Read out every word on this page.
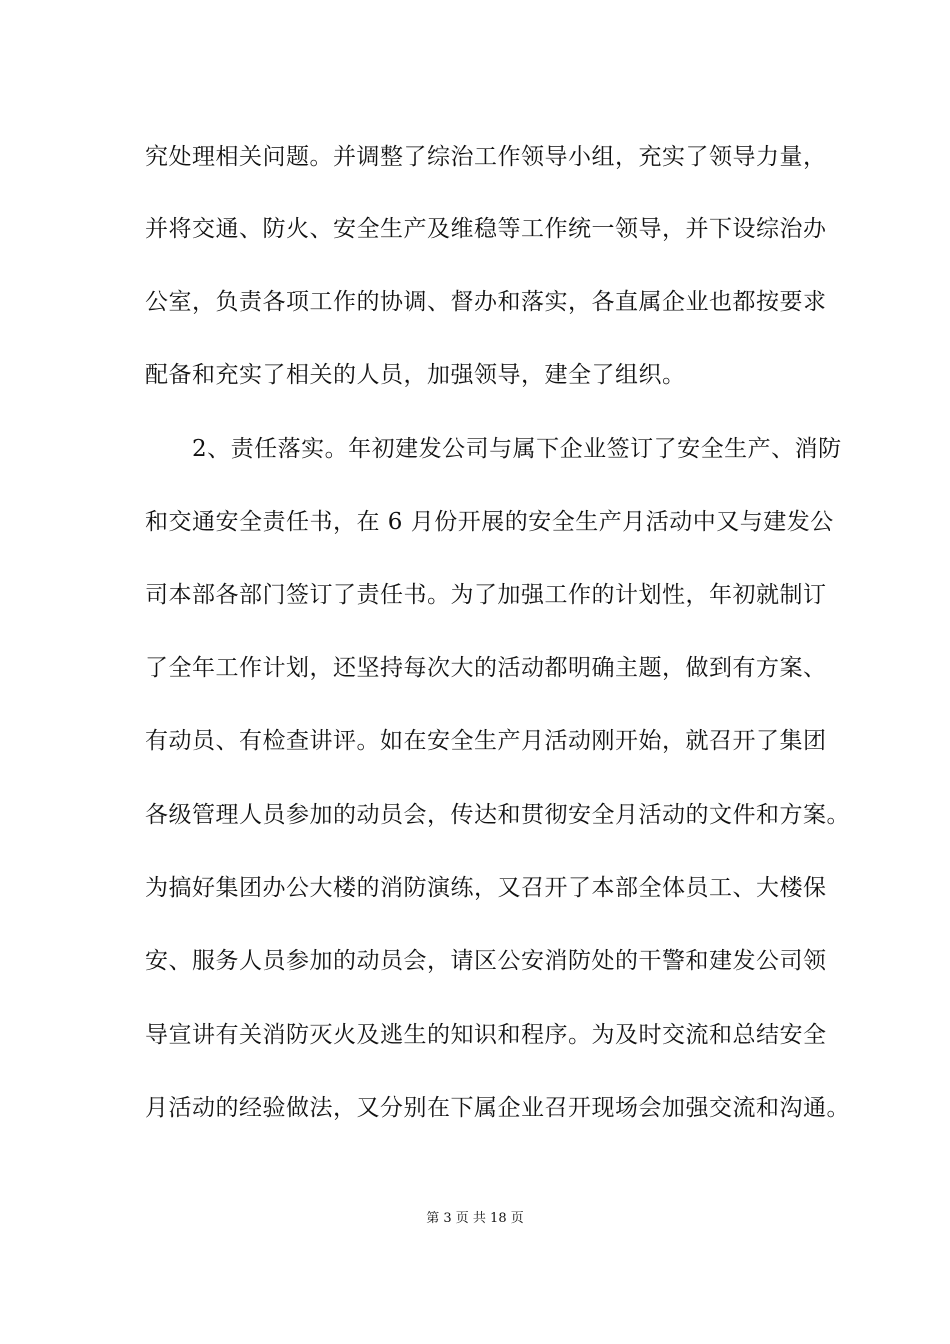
究处理相关问题。并调整了综治工作领导小组，充实了领导力量，
并将交通、防火、安全生产及维稳等工作统一领导，并下设综治办
公室，负责各项工作的协调、督办和落实，各直属企业也都按要求
配备和充实了相关的人员，加强领导，建全了组织。
　　2、责任落实。年初建发公司与属下企业签订了安全生产、消防
和交通安全责任书，在 6 月份开展的安全生产月活动中又与建发公
司本部各部门签订了责任书。为了加强工作的计划性，年初就制订
了全年工作计划，还坚持每次大的活动都明确主题，做到有方案、
有动员、有检查讲评。如在安全生产月活动刚开始，就召开了集团
各级管理人员参加的动员会，传达和贯彻安全月活动的文件和方案。
为搞好集团办公大楼的消防演练，又召开了本部全体员工、大楼保
安、服务人员参加的动员会，请区公安消防处的干警和建发公司领
导宣讲有关消防灭火及逃生的知识和程序。为及时交流和总结安全
月活动的经验做法，又分别在下属企业召开现场会加强交流和沟通。
第 3 页 共 18 页
